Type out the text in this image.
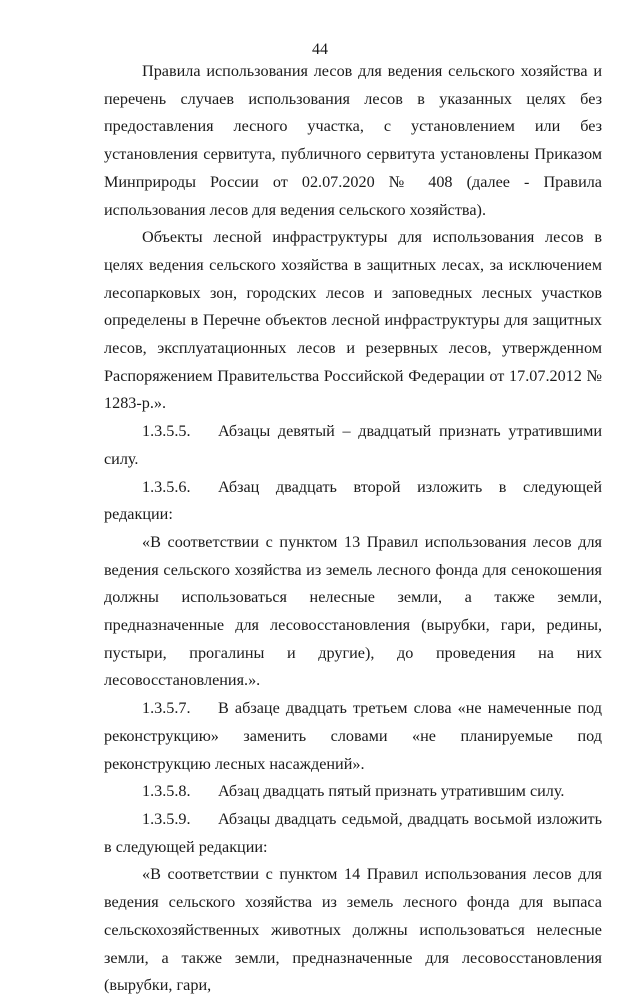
44

Правила использования лесов для ведения сельского хозяйства и перечень случаев использования лесов в указанных целях без предоставления лесного участка, с установлением или без установления сервитута, публичного сервитута установлены Приказом Минприроды России от 02.07.2020 № 408 (далее - Правила использования лесов для ведения сельского хозяйства).

Объекты лесной инфраструктуры для использования лесов в целях ведения сельского хозяйства в защитных лесах, за исключением лесопарковых зон, городских лесов и заповедных лесных участков определены в Перечне объектов лесной инфраструктуры для защитных лесов, эксплуатационных лесов и резервных лесов, утвержденном Распоряжением Правительства Российской Федерации от 17.07.2012 № 1283-р.».

1.3.5.5. Абзацы девятый – двадцатый признать утратившими силу.

1.3.5.6. Абзац двадцать второй изложить в следующей редакции:

«В соответствии с пунктом 13 Правил использования лесов для ведения сельского хозяйства из земель лесного фонда для сенокошения должны использоваться нелесные земли, а также земли, предназначенные для лесовосстановления (вырубки, гари, редины, пустыри, прогалины и другие), до проведения на них лесовосстановления.».

1.3.5.7. В абзаце двадцать третьем слова «не намеченные под реконструкцию» заменить словами «не планируемые под реконструкцию лесных насаждений».

1.3.5.8. Абзац двадцать пятый признать утратившим силу.

1.3.5.9. Абзацы двадцать седьмой, двадцать восьмой изложить в следующей редакции:

«В соответствии с пунктом 14 Правил использования лесов для ведения сельского хозяйства из земель лесного фонда для выпаса сельскохозяйственных животных должны использоваться нелесные земли, а также земли, предназначенные для лесовосстановления (вырубки, гари,
